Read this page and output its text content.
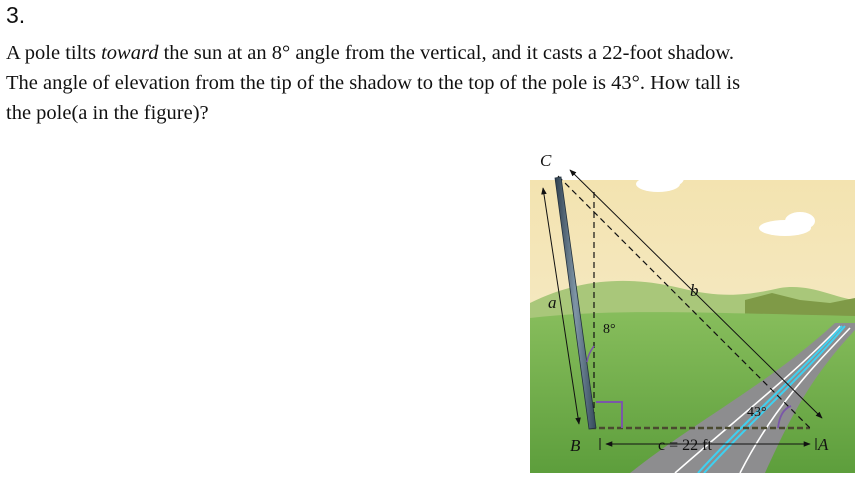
3.
A pole tilts toward the sun at an 8° angle from the vertical, and it casts a 22-foot shadow.
The angle of elevation from the tip of the shadow to the top of the pole is 43°. How tall is
the pole(a in the figure)?
C
B	A
a
b
c = 22 ft
8°
43°
